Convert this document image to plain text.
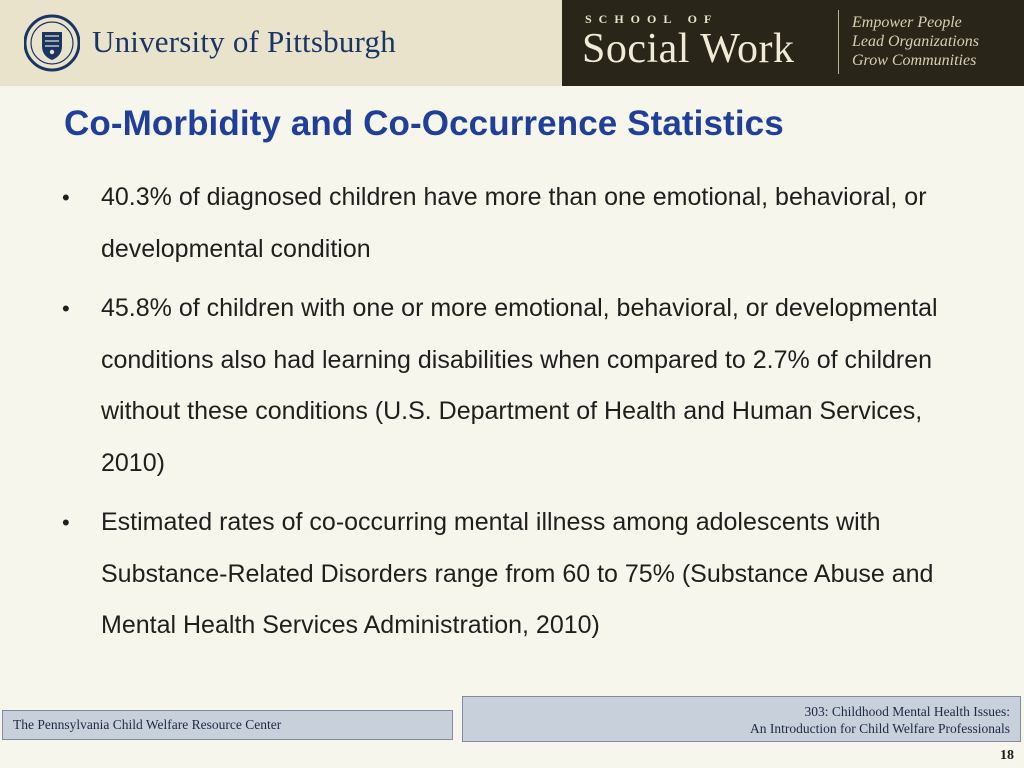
University of Pittsburgh
SCHOOL OF
Social Work
Empower People
Lead Organizations
Grow Communities
Co-Morbidity and Co-Occurrence Statistics
• 40.3% of diagnosed children have more than one emotional, behavioral, or developmental condition
• 45.8% of children with one or more emotional, behavioral, or developmental conditions also had learning disabilities when compared to 2.7% of children without these conditions (U.S. Department of Health and Human Services, 2010)
• Estimated rates of co-occurring mental illness among adolescents with Substance-Related Disorders range from 60 to 75% (Substance Abuse and Mental Health Services Administration, 2010)
The Pennsylvania Child Welfare Resource Center
303: Childhood Mental Health Issues:
An Introduction for Child Welfare Professionals
18
